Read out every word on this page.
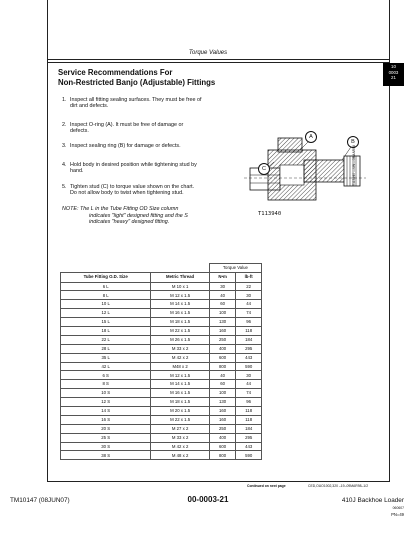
Torque Values
10
0003
21
Service Recommendations For
Non-Restricted Banjo (Adjustable) Fittings
1. Inspect all fitting sealing surfaces. They must be free of
dirt and defects.
2. Inspect O-ring (A). It must be free of damage or
defects.
3. Inspect sealing ring (B) for damage or defects.
4. Hold body in desired position while tightening stud by
hand.
5. Tighten stud (C) to torque value shown on the chart.
Do not allow body to twist when tightening stud.
NOTE: The L in the Tube Fitting OD Size column
indicates "light" designed fitting and the S
indicates "heavy" designed fitting.
A
B
C
T113940
T113940 —UN—08MAR98
		Torque Value	
Tube Fitting O.D. Size	Metric Thread	N•m	lb-ft
6 L	M 10 x 1	30	22
8 L	M 12 x 1.5	40	30
10 L	M 14 x 1.5	60	44
12 L	M 16 x 1.5	100	74
15 L	M 18 x 1.5	130	96
18 L	M 22 x 1.5	160	118
22 L	M 26 x 1.5	250	184
28 L	M 33 x 2	400	295
35 L	M 42 x 2	600	443
42 L	M48 x 2	800	590
6 S	M 12 x 1.5	40	30
8 S	M 14 x 1.5	60	44
10 S	M 16 x 1.5	100	74
12 S	M 18 x 1.5	130	96
14 S	M 20 x 1.5	160	118
16 S	M 22 x 1.5	160	118
20 S	M 27 x 2	250	184
25 S	M 33 x 2	400	295
30 S	M 42 x 2	600	443
38 S	M 48 x 2	800	590
Continued on next page	CED,OUO1002,320 –19–09MAR98–1/2
TM10147 (08JUN07)	00-0003-21	410J Backhoe Loader
060607
PN=49
